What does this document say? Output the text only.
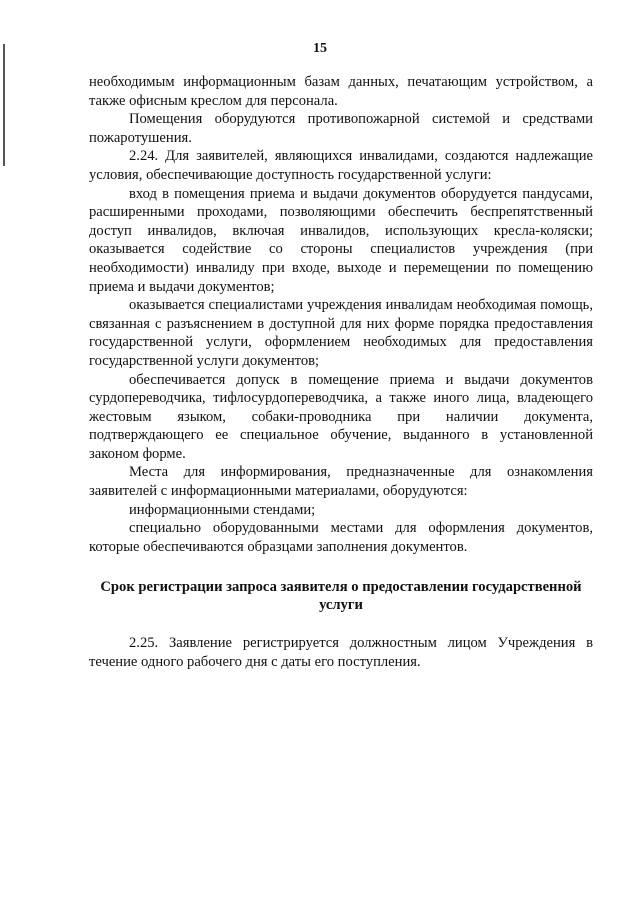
15

необходимым информационным базам данных, печатающим устройством, а также офисным креслом для персонала.

Помещения оборудуются противопожарной системой и средствами пожаротушения.

2.24. Для заявителей, являющихся инвалидами, создаются надлежащие условия, обеспечивающие доступность государственной услуги:

вход в помещения приема и выдачи документов оборудуется пандусами, расширенными проходами, позволяющими обеспечить беспрепятственный доступ инвалидов, включая инвалидов, использующих кресла-коляски; оказывается содействие со стороны специалистов учреждения (при необходимости) инвалиду при входе, выходе и перемещении по помещению приема и выдачи документов;

оказывается специалистами учреждения инвалидам необходимая помощь, связанная с разъяснением в доступной для них форме порядка предоставления государственной услуги, оформлением необходимых для предоставления государственной услуги документов;

обеспечивается допуск в помещение приема и выдачи документов сурдопереводчика, тифлосурдопереводчика, а также иного лица, владеющего жестовым языком, собаки-проводника при наличии документа, подтверждающего ее специальное обучение, выданного в установленной законом форме.

Места для информирования, предназначенные для ознакомления заявителей с информационными материалами, оборудуются:

информационными стендами;

специально оборудованными местами для оформления документов, которые обеспечиваются образцами заполнения документов.

Срок регистрации запроса заявителя о предоставлении государственной услуги

2.25. Заявление регистрируется должностным лицом Учреждения в течение одного рабочего дня с даты его поступления.
